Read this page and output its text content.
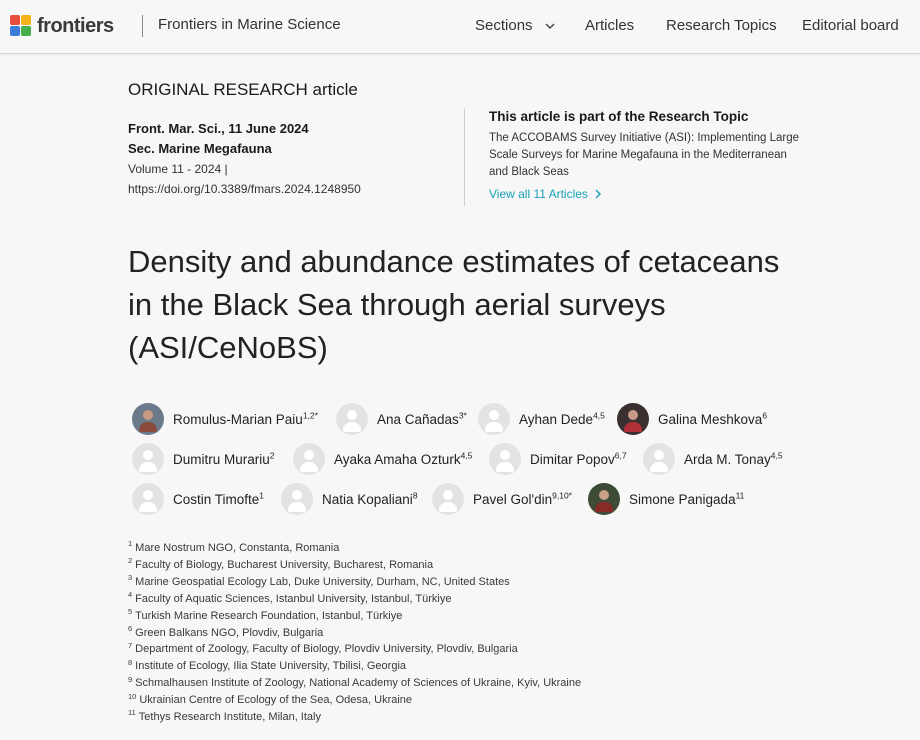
frontiers	Frontiers in Marine Science	Sections	Articles Research Topics Editorial board
ORIGINAL RESEARCH article
Front. Mar. Sci., 11 June 2024
Sec. Marine Megafauna
Volume 11 - 2024 |
https://doi.org/10.3389/fmars.2024.1248950
This article is part of the Research Topic
The ACCOBAMS Survey Initiative (ASI): Implementing Large Scale Surveys for Marine Megafauna in the Mediterranean and Black Seas
View all 11 Articles
Density and abundance estimates of cetaceans in the Black Sea through aerial surveys (ASI/CeNoBS)
Romulus-Marian Paiu$^{1,2*}$	Ana Cañadas$^{3*}$	Ayhan Dede$^{4,5}$	Galina Meshkova$^6$
Dumitru Murariu$^2$	Ayaka Amaha Ozturk$^{4,5}$	Dimitar Popov$^{6,7}$	Arda M. Tonay$^{4,5}$
Costin Timofte$^1$	Natia Kopaliani$^8$	Pavel Gol'din$^{9,10*}$	Simone Panigada$^{11}$
$^1$ Mare Nostrum NGO, Constanta, Romania
$^2$ Faculty of Biology, Bucharest University, Bucharest, Romania
$^3$ Marine Geospatial Ecology Lab, Duke University, Durham, NC, United States
$^4$ Faculty of Aquatic Sciences, Istanbul University, Istanbul, Türkiye
$^5$ Turkish Marine Research Foundation, Istanbul, Türkiye
$^6$ Green Balkans NGO, Plovdiv, Bulgaria
$^7$ Department of Zoology, Faculty of Biology, Plovdiv University, Plovdiv, Bulgaria
$^8$ Institute of Ecology, Ilia State University, Tbilisi, Georgia
$^9$ Schmalhausen Institute of Zoology, National Academy of Sciences of Ukraine, Kyiv, Ukraine
$^{10}$ Ukrainian Centre of Ecology of the Sea, Odesa, Ukraine
$^{11}$ Tethys Research Institute, Milan, Italy
